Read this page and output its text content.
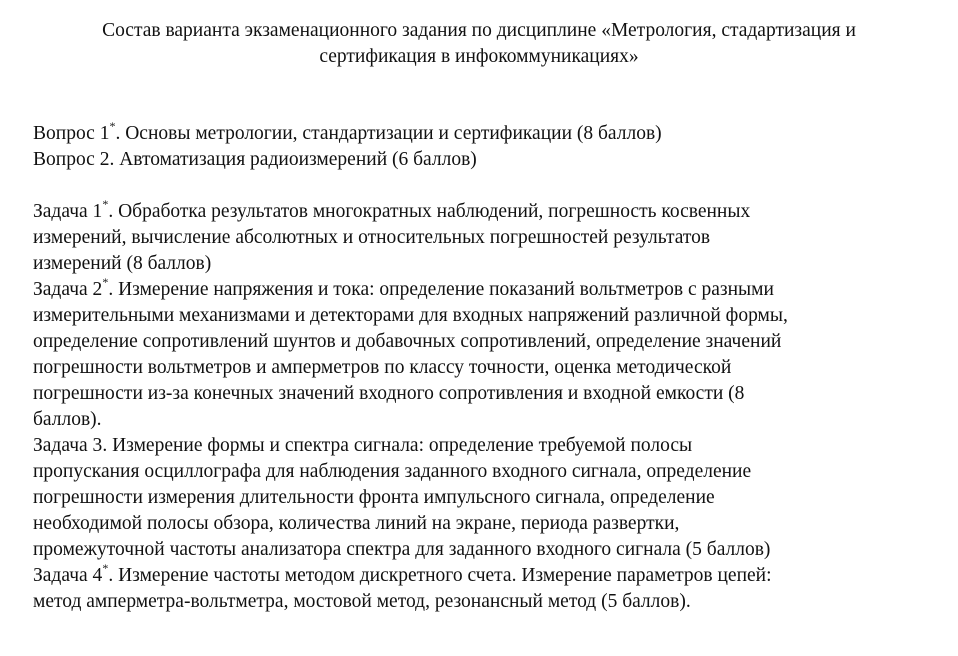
Состав варианта экзаменационного задания по дисциплине «Метрология, стадартизация и
сертификация в инфокоммуникациях»
Вопрос 1*. Основы метрологии, стандартизации и сертификации (8 баллов)
Вопрос 2. Автоматизация радиоизмерений (6 баллов)
Задача 1*. Обработка результатов многократных наблюдений, погрешность косвенных
измерений, вычисление абсолютных и относительных погрешностей результатов
измерений (8 баллов)
Задача 2*. Измерение напряжения и тока: определение показаний вольтметров с разными
измерительными механизмами и детекторами для входных напряжений различной формы,
определение сопротивлений шунтов и добавочных сопротивлений, определение значений
погрешности вольтметров и амперметров по классу точности, оценка методической
погрешности из-за конечных значений входного сопротивления и входной емкости (8
баллов).
Задача 3. Измерение формы и спектра сигнала: определение требуемой полосы
пропускания осциллографа для наблюдения заданного входного сигнала, определение
погрешности измерения длительности фронта импульсного сигнала, определение
необходимой полосы обзора, количества линий на экране, периода развертки,
промежуточной частоты анализатора спектра для заданного входного сигнала (5 баллов)
Задача 4*. Измерение частоты методом дискретного счета. Измерение параметров цепей:
метод амперметра-вольтметра, мостовой метод, резонансный метод (5 баллов).
